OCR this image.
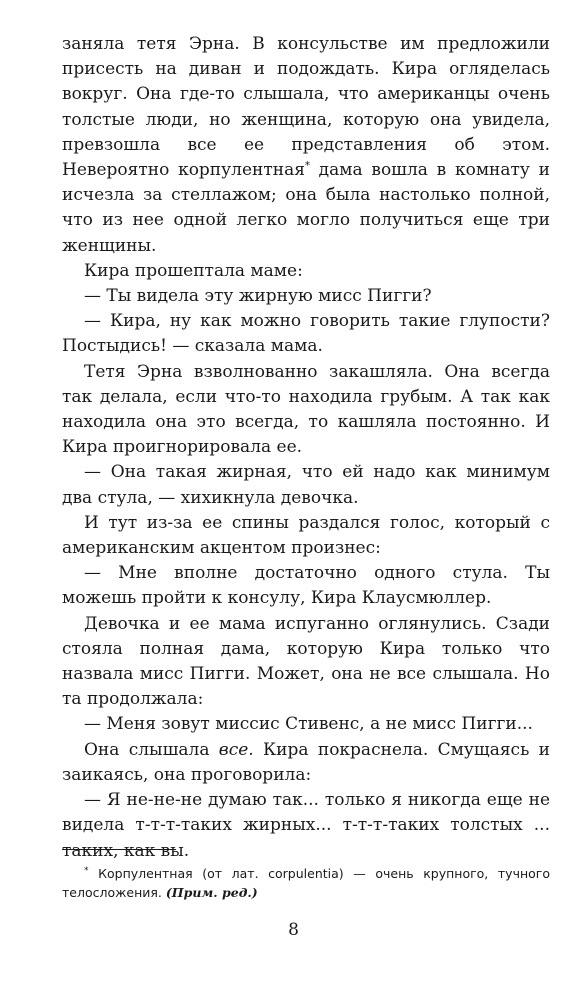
заняла тетя Эрна. В консульстве им предложили присесть на диван и подождать. Кира огляделась вокруг. Она где-то слышала, что американцы очень толстые люди, но женщина, которую она увидела, превзошла все ее представления об этом. Невероятно корпулентная* дама вошла в комнату и исчезла за стеллажом; она была настолько полной, что из нее одной легко могло получиться еще три женщины.

Кира прошептала маме:

— Ты видела эту жирную мисс Пигги?

— Кира, ну как можно говорить такие глупости? Постыдись! — сказала мама.

Тетя Эрна взволнованно закашляла. Она всегда так делала, если что-то находила грубым. А так как находила она это всегда, то кашляла постоянно. И Кира проигнорировала ее.

— Она такая жирная, что ей надо как минимум два стула, — хихикнула девочка.

И тут из-за ее спины раздался голос, который с американским акцентом произнес:

— Мне вполне достаточно одного стула. Ты можешь пройти к консулу, Кира Клаусмюллер.

Девочка и ее мама испуганно оглянулись. Сзади стояла полная дама, которую Кира только что назвала мисс Пигги. Может, она не все слышала. Но та продолжала:

— Меня зовут миссис Стивенс, а не мисс Пигги...

Она слышала все. Кира покраснела. Смущаясь и заикаясь, она проговорила:

— Я не-не-не думаю так... только я никогда еще не видела т-т-т-таких жирных... т-т-т-таких толстых ... таких, как вы.

* Корпулентная (от лат. corpulentia) — очень крупного, тучного телосложения. (Прим. ред.)
8
